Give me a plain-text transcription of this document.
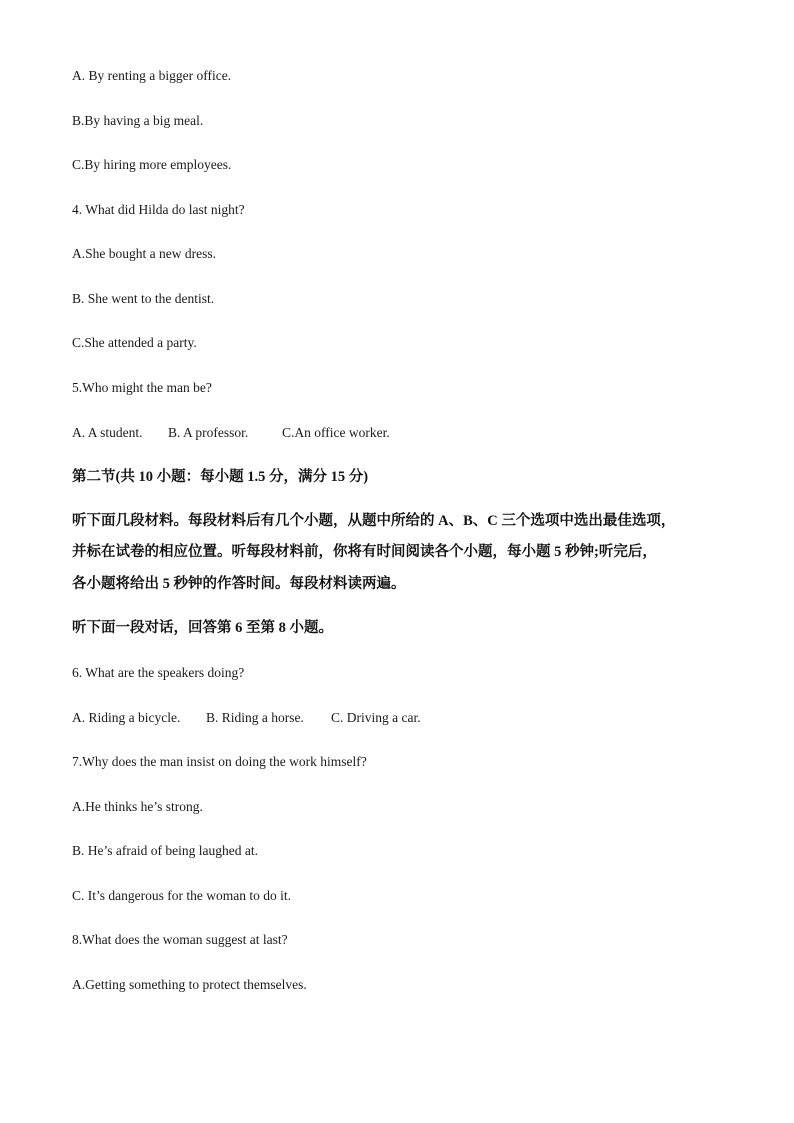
A. By renting a bigger office.
B.By having a big meal.
C.By hiring more employees.
4. What did Hilda do last night?
A.She bought a new dress.
B. She went to the dentist.
C.She attended a party.
5.Who might the man be?
A. A student. B. A professor. C.An office worker.
第二节(共 10 小题：每小题 1.5 分，满分 15 分)
听下面几段材料。每段材料后有几个小题，从题中所给的 A、B、C 三个选项中选出最佳选项，
并标在试卷的相应位置。听每段材料前，你将有时间阅读各个小题，每小题 5 秒钟;听完后，
各小题将给出 5 秒钟的作答时间。每段材料读两遍。
听下面一段对话，回答第 6 至第 8 小题。
6. What are the speakers doing?
A. Riding a bicycle. B. Riding a horse. C. Driving a car.
7.Why does the man insist on doing the work himself?
A.He thinks he’s strong.
B. He’s afraid of being laughed at.
C. It’s dangerous for the woman to do it.
8.What does the woman suggest at last?
A.Getting something to protect themselves.
